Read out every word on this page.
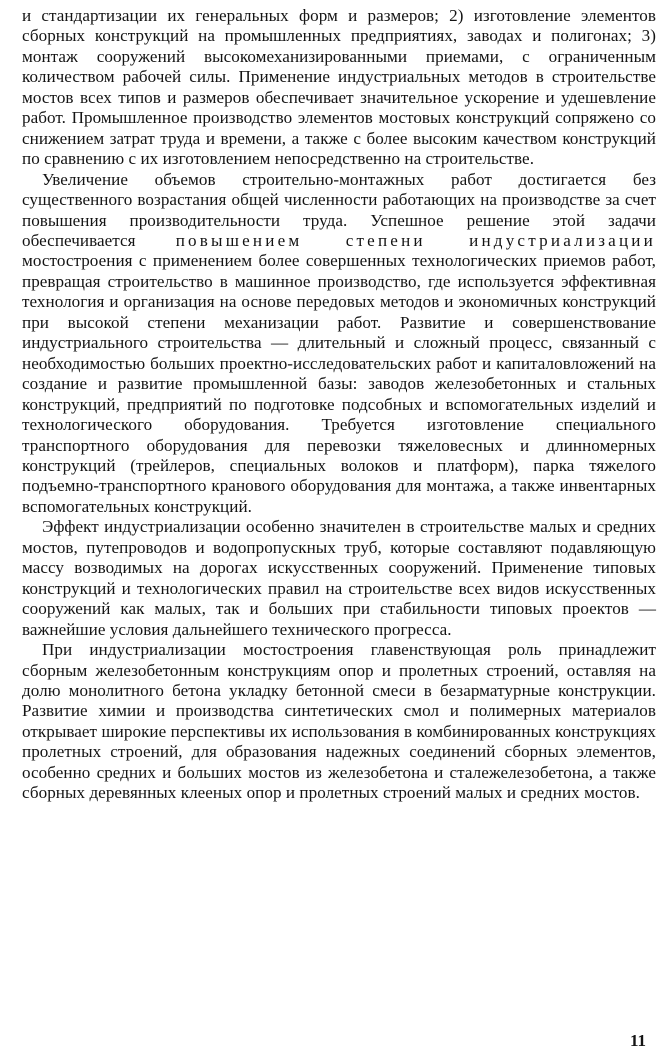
и стандартизации их генеральных форм и размеров; 2) изготовление элементов сборных конструкций на промышленных предприятиях, заводах и полигонах; 3) монтаж сооружений высокомеханизированными приемами, с ограниченным количеством рабочей силы. Применение индустриальных методов в строительстве мостов всех типов и размеров обеспечивает значительное ускорение и удешевление работ. Промышленное производство элементов мостовых конструкций сопряжено со снижением затрат труда и времени, а также с более высоким качеством конструкций по сравнению с их изготовлением непосредственно на строительстве.

Увеличение объемов строительно-монтажных работ достигается без существенного возрастания общей численности работающих на производстве за счет повышения производительности труда. Успешное решение этой задачи обеспечивается повышением степени индустриализации мостостроения с применением более совершенных технологических приемов работ, превращая строительство в машинное производство, где используется эффективная технология и организация на основе передовых методов и экономичных конструкций при высокой степени механизации работ. Развитие и совершенствование индустриального строительства — длительный и сложный процесс, связанный с необходимостью больших проектно-исследовательских работ и капиталовложений на создание и развитие промышленной базы: заводов железобетонных и стальных конструкций, предприятий по подготовке подсобных и вспомогательных изделий и технологического оборудования. Требуется изготовление специального транспортного оборудования для перевозки тяжеловесных и длинномерных конструкций (трейлеров, специальных волоков и платформ), парка тяжелого подъемно-транспортного кранового оборудования для монтажа, а также инвентарных вспомогательных конструкций.

Эффект индустриализации особенно значителен в строительстве малых и средних мостов, путепроводов и водопропускных труб, которые составляют подавляющую массу возводимых на дорогах искусственных сооружений. Применение типовых конструкций и технологических правил на строительстве всех видов искусственных сооружений как малых, так и больших при стабильности типовых проектов — важнейшие условия дальнейшего технического прогресса.

При индустриализации мостостроения главенствующая роль принадлежит сборным железобетонным конструкциям опор и пролетных строений, оставляя на долю монолитного бетона укладку бетонной смеси в безарматурные конструкции. Развитие химии и производства синтетических смол и полимерных материалов открывает широкие перспективы их использования в комбинированных конструкциях пролетных строений, для образования надежных соединений сборных элементов, особенно средних и больших мостов из железобетона и сталежелезобетона, а также сборных деревянных клееных опор и пролетных строений малых и средних мостов.

11
